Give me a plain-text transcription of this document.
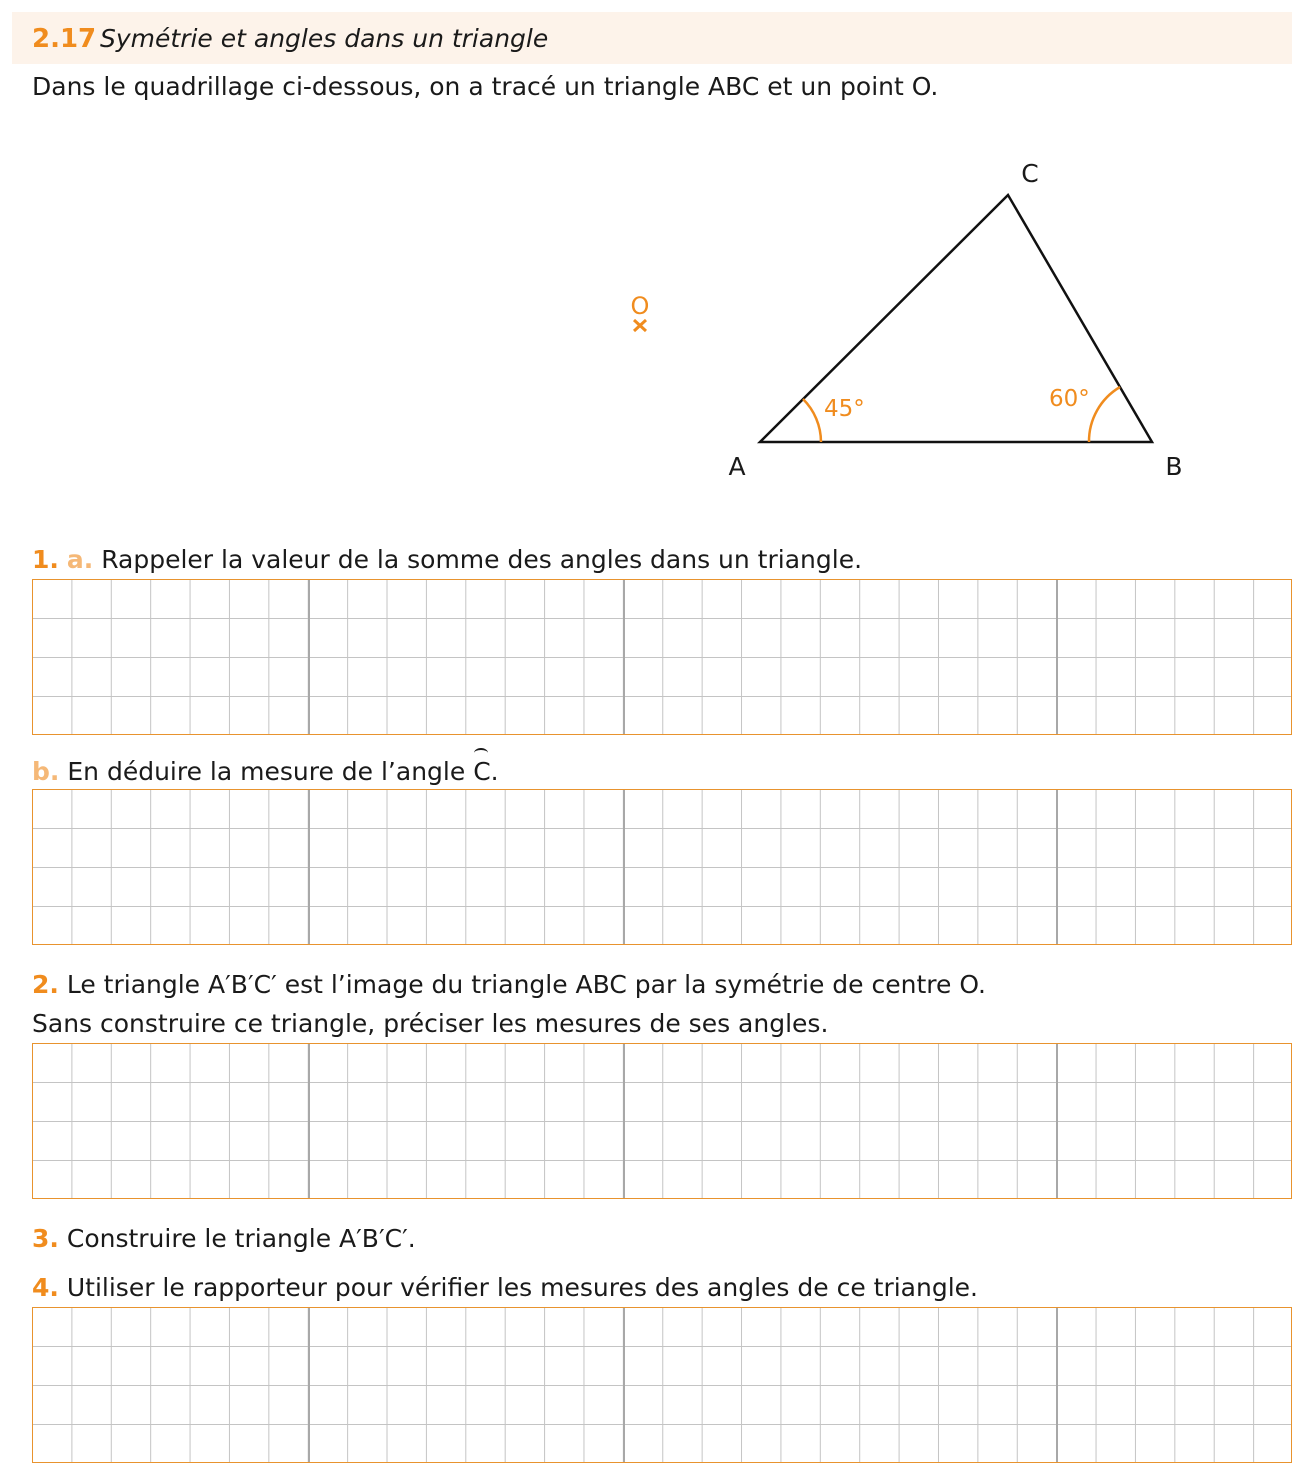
2.17 Symétrie et angles dans un triangle
Dans le quadrillage ci-dessous, on a tracé un triangle ABC et un point O.
O
45°	60°
A	B
C
1. a. Rappeler la valeur de la somme des angles dans un triangle.
b. En déduire la mesure de l’angle C.
2. Le triangle A′B′C′ est l’image du triangle ABC par la symétrie de centre O.
Sans construire ce triangle, préciser les mesures de ses angles.
3. Construire le triangle A′B′C′.
4. Utiliser le rapporteur pour vérifier les mesures des angles de ce triangle.
